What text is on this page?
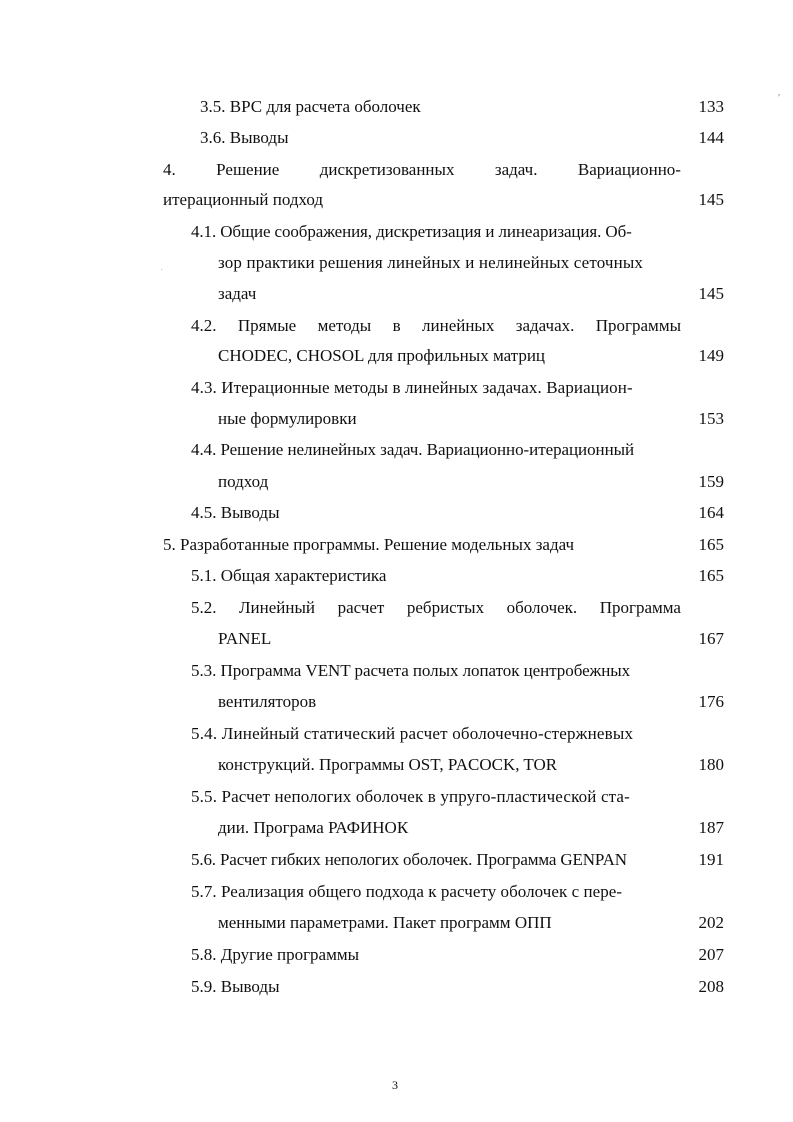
′
·
3.5. ВРС для расчета оболочек	133
3.6. Выводы	144
4. Решение дискретизованных задач. Вариационно-
итерационный подход	145
4.1. Общие соображения, дискретизация и линеаризация. Об-
зор практики решения линейных и нелинейных сеточных
задач	145
4.2. Прямые методы в линейных задачах. Программы
CHODEC, CHOSOL для профильных матриц	149
4.3. Итерационные методы в линейных задачах. Вариацион-
ные формулировки	153
4.4. Решение нелинейных задач. Вариационно-итерационный
подход	159
4.5. Выводы	164
5. Разработанные программы. Решение модельных задач	165
5.1. Общая характеристика	165
5.2. Линейный расчет ребристых оболочек. Программа
PANEL	167
5.3. Программа VENT расчета полых лопаток центробежных
вентиляторов	176
5.4. Линейный статический расчет оболочечно-стержневых
конструкций. Программы OST, PACOCK, TOR	180
5.5. Расчет непологих оболочек в упруго-пластической ста-
дии. Програма РАФИНОК	187
5.6. Расчет гибких непологих оболочек. Программа GENPAN	191
5.7. Реализация общего подхода к расчету оболочек с пере-
менными параметрами. Пакет программ ОПП	202
5.8. Другие программы	207
5.9. Выводы	208
3
